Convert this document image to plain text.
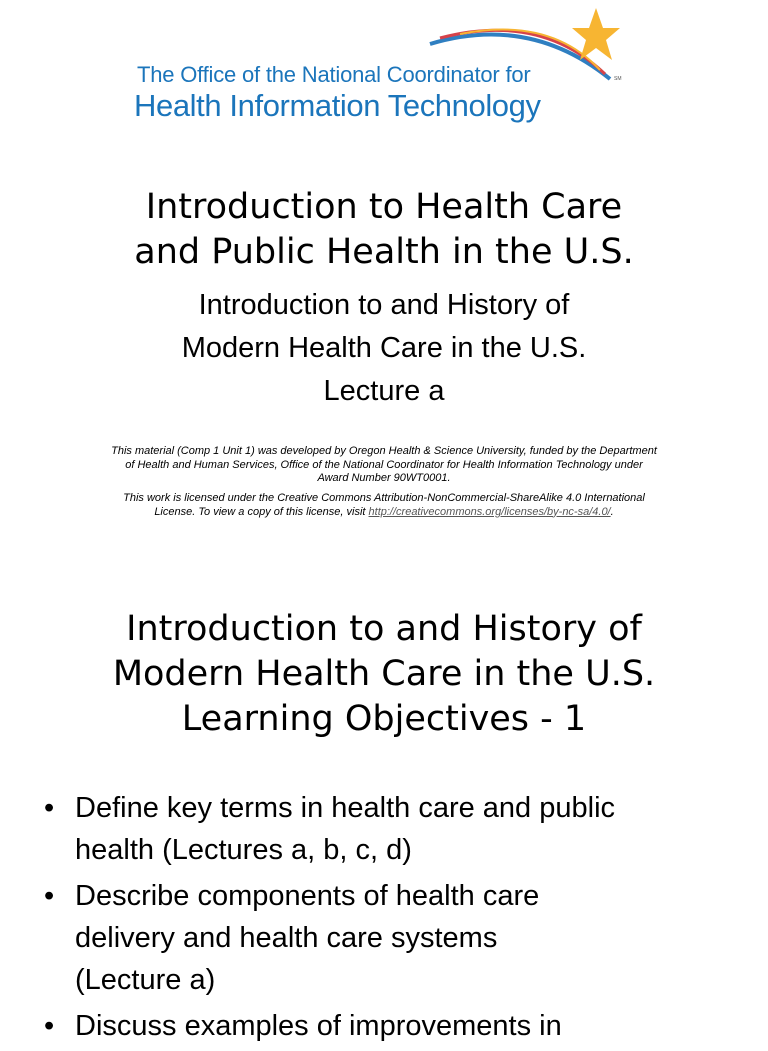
The Office of the National Coordinator for
Health Information Technology
SM
Introduction to Health Care
and Public Health in the U.S.
Introduction to and History of
Modern Health Care in the U.S.
Lecture a
This material (Comp 1 Unit 1) was developed by Oregon Health & Science University, funded by the Department
of Health and Human Services, Office of the National Coordinator for Health Information Technology under
Award Number 90WT0001.
This work is licensed under the Creative Commons Attribution-NonCommercial-ShareAlike 4.0 International
License. To view a copy of this license, visit http://creativecommons.org/licenses/by-nc-sa/4.0/.
Introduction to and History of
Modern Health Care in the U.S.
Learning Objectives - 1
• Define key terms in health care and public
health (Lectures a, b, c, d)
• Describe components of health care
delivery and health care systems
(Lecture a)
• Discuss examples of improvements in
